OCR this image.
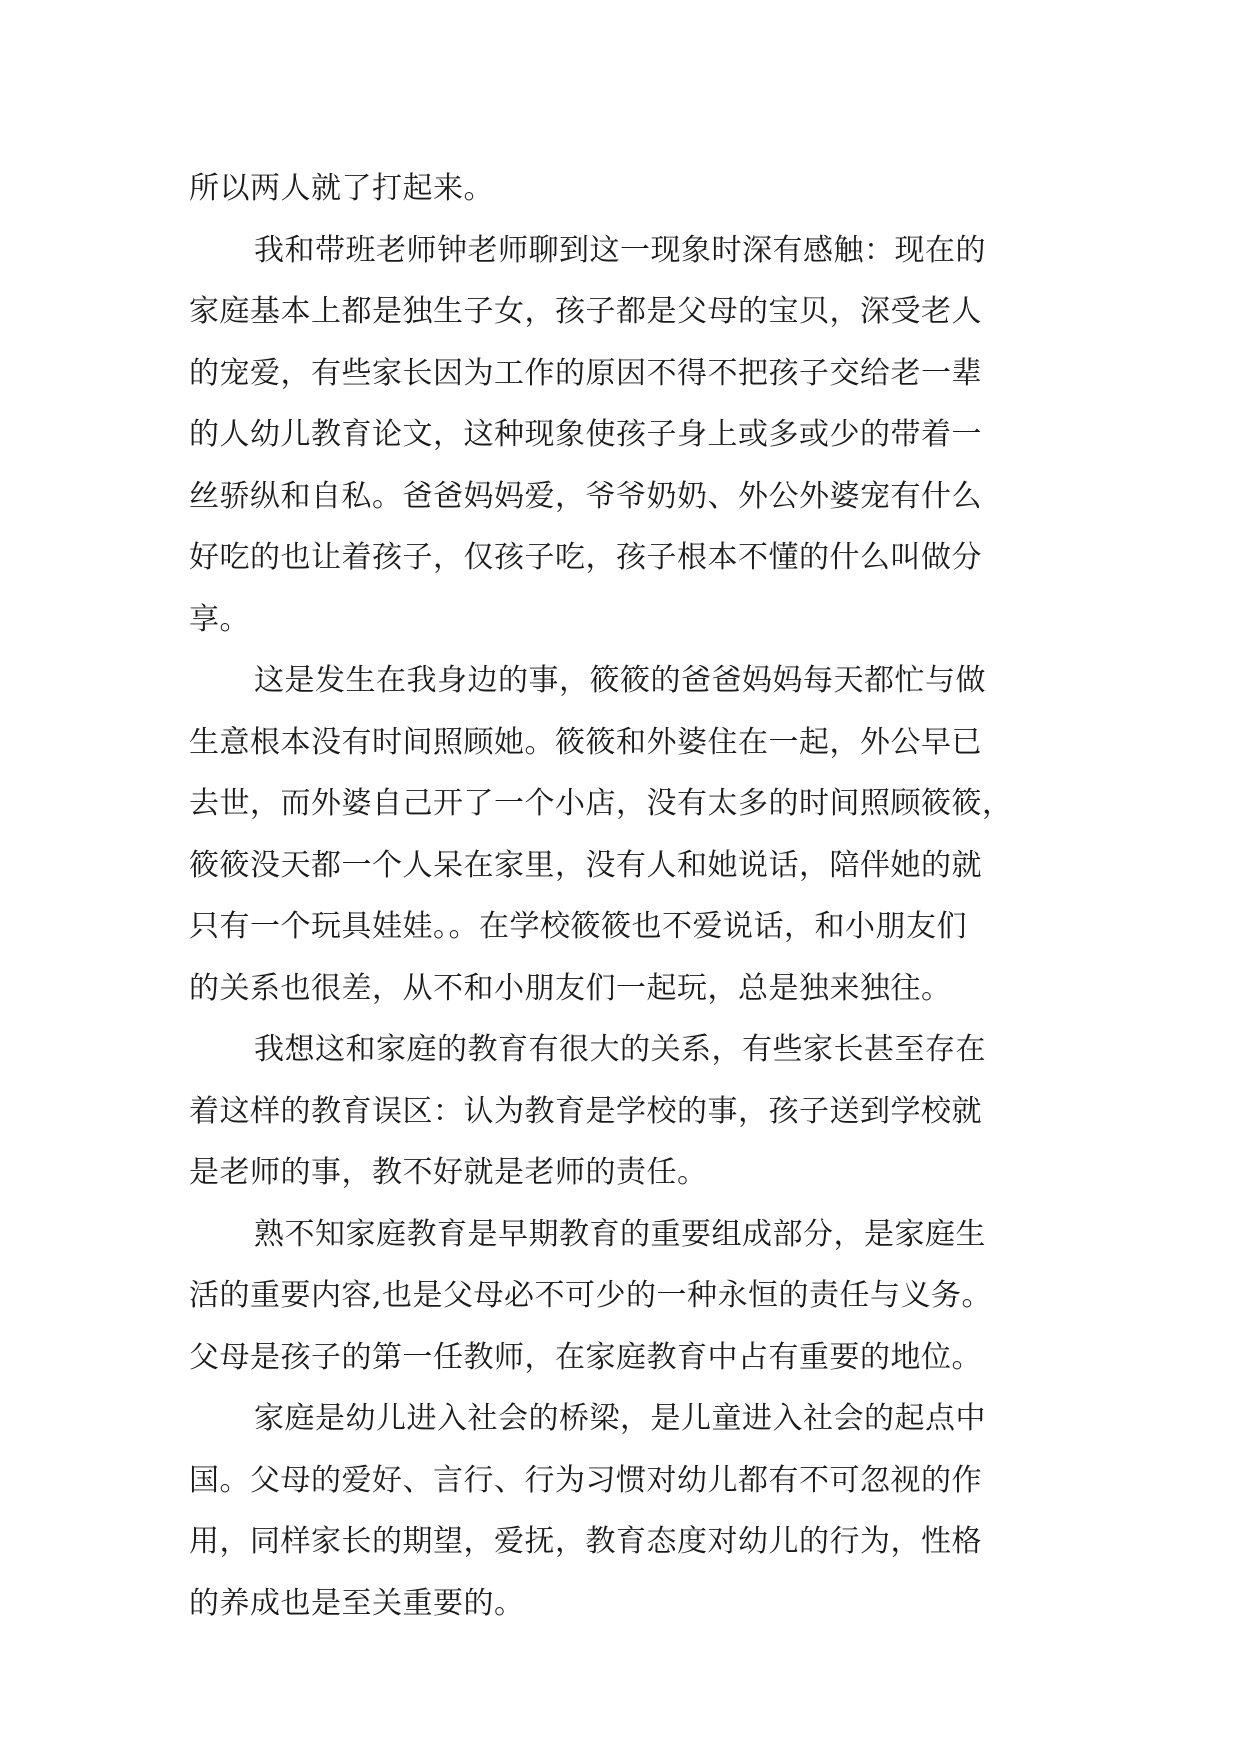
所以两人就了打起来。
我和带班老师钟老师聊到这一现象时深有感触：现在的
家庭基本上都是独生子女，孩子都是父母的宝贝，深受老人
的宠爱，有些家长因为工作的原因不得不把孩子交给老一辈
的人幼儿教育论文，这种现象使孩子身上或多或少的带着一
丝骄纵和自私。爸爸妈妈爱，爷爷奶奶、外公外婆宠有什么
好吃的也让着孩子，仅孩子吃，孩子根本不懂的什么叫做分
享。
这是发生在我身边的事，筱筱的爸爸妈妈每天都忙与做
生意根本没有时间照顾她。筱筱和外婆住在一起，外公早已
去世，而外婆自己开了一个小店，没有太多的时间照顾筱筱，
筱筱没天都一个人呆在家里，没有人和她说话，陪伴她的就
只有一个玩具娃娃。。在学校筱筱也不爱说话，和小朋友们
的关系也很差，从不和小朋友们一起玩，总是独来独往。
我想这和家庭的教育有很大的关系，有些家长甚至存在
着这样的教育误区：认为教育是学校的事，孩子送到学校就
是老师的事，教不好就是老师的责任。
熟不知家庭教育是早期教育的重要组成部分，是家庭生
活的重要内容,也是父母必不可少的一种永恒的责任与义务。
父母是孩子的第一任教师，在家庭教育中占有重要的地位。
家庭是幼儿进入社会的桥梁，是儿童进入社会的起点中
国。父母的爱好、言行、行为习惯对幼儿都有不可忽视的作
用，同样家长的期望，爱抚，教育态度对幼儿的行为，性格
的养成也是至关重要的。
